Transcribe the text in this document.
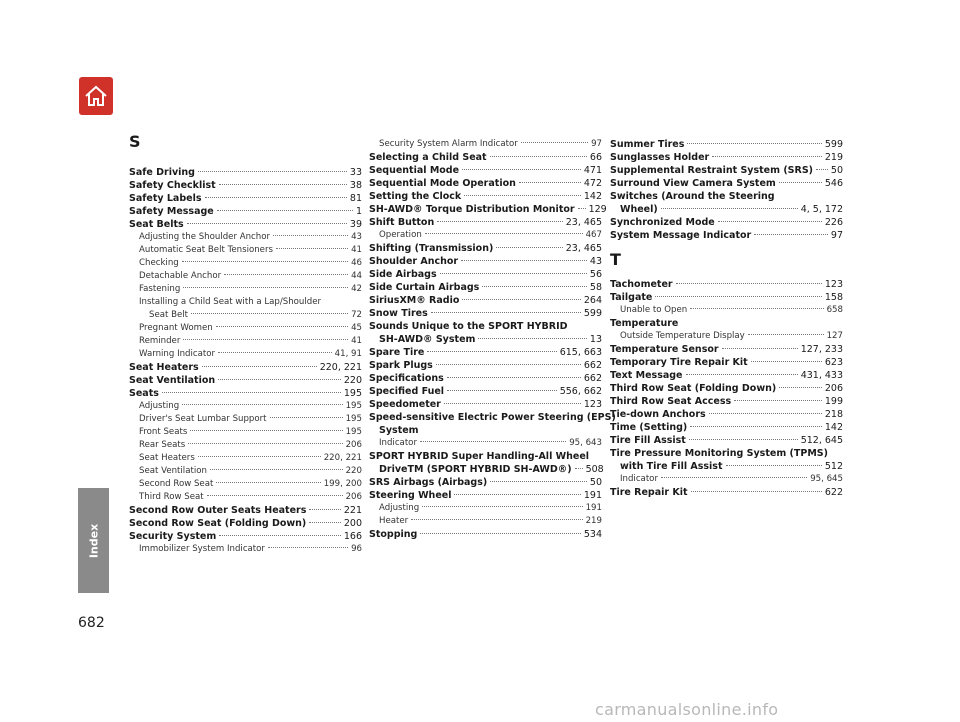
Index
682
S
Safe Driving	33
Safety Checklist	38
Safety Labels	81
Safety Message	1
Seat Belts	39
Adjusting the Shoulder Anchor	43
Automatic Seat Belt Tensioners	41
Checking	46
Detachable Anchor	44
Fastening	42
Installing a Child Seat with a Lap/Shoulder
Seat Belt	72
Pregnant Women	45
Reminder	41
Warning Indicator	41, 91
Seat Heaters	220, 221
Seat Ventilation	220
Seats	195
Adjusting	195
Driver's Seat Lumbar Support	195
Front Seats	195
Rear Seats	206
Seat Heaters	220, 221
Seat Ventilation	220
Second Row Seat	199, 200
Third Row Seat	206
Second Row Outer Seats Heaters	221
Second Row Seat (Folding Down)	200
Security System	166
Immobilizer System Indicator	96
Security System Alarm Indicator	97
Selecting a Child Seat	66
Sequential Mode	471
Sequential Mode Operation	472
Setting the Clock	142
SH-AWD® Torque Distribution Monitor 129
Shift Button	23, 465
Operation	467
Shifting (Transmission)	23, 465
Shoulder Anchor	43
Side Airbags	56
Side Curtain Airbags	58
SiriusXM® Radio	264
Snow Tires	599
Sounds Unique to the SPORT HYBRID
SH-AWD® System	13
Spare Tire	615, 663
Spark Plugs	662
Specifications	662
Specified Fuel	556, 662
Speedometer	123
Speed-sensitive Electric Power Steering (EPS)
System
Indicator	95, 643
SPORT HYBRID Super Handling-All Wheel
DriveTM (SPORT HYBRID SH-AWD®) 508
SRS Airbags (Airbags)	50
Steering Wheel	191
Adjusting	191
Heater	219
Stopping	534
Summer Tires	599
Sunglasses Holder	219
Supplemental Restraint System (SRS) 50
Surround View Camera System	546
Switches (Around the Steering
Wheel)	4, 5, 172
Synchronized Mode	226
System Message Indicator	97
T
Tachometer	123
Tailgate	158
Unable to Open	658
Temperature
Outside Temperature Display	127
Temperature Sensor	127, 233
Temporary Tire Repair Kit	623
Text Message	431, 433
Third Row Seat (Folding Down)	206
Third Row Seat Access	199
Tie-down Anchors	218
Time (Setting)	142
Tire Fill Assist	512, 645
Tire Pressure Monitoring System (TPMS)
with Tire Fill Assist	512
Indicator	95, 645
Tire Repair Kit	622
carmanualsonline.info
